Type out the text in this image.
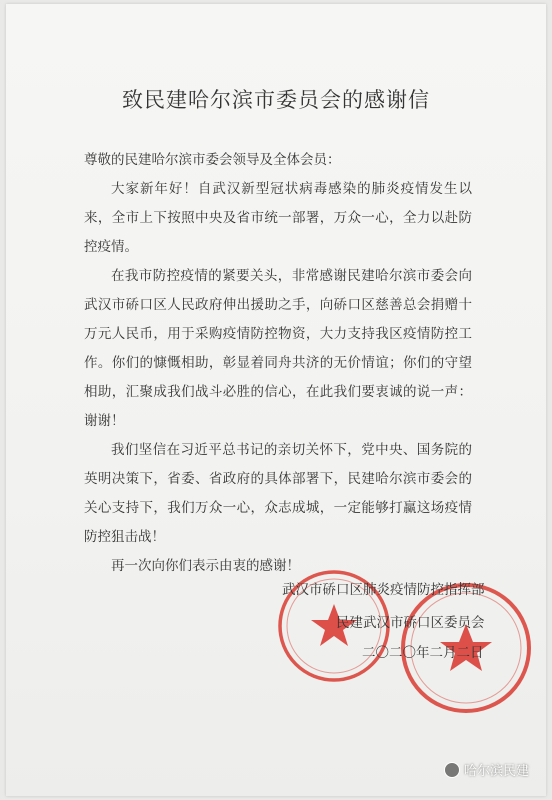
致民建哈尔滨市委员会的感谢信

尊敬的民建哈尔滨市委会领导及全体会员：

大家新年好！自武汉新型冠状病毒感染的肺炎疫情发生以来，全市上下按照中央及省市统一部署，万众一心，全力以赴防控疫情。

在我市防控疫情的紧要关头，非常感谢民建哈尔滨市委会向武汉市硚口区人民政府伸出援助之手，向硚口区慈善总会捐赠十万元人民币，用于采购疫情防控物资，大力支持我区疫情防控工作。你们的慷慨相助，彰显着同舟共济的无价情谊；你们的守望相助，汇聚成我们战斗必胜的信心，在此我们要衷诚的说一声：谢谢！

我们坚信在习近平总书记的亲切关怀下，党中央、国务院的英明决策下，省委、省政府的具体部署下，民建哈尔滨市委会的关心支持下，我们万众一心，众志成城，一定能够打赢这场疫情防控狙击战！

再一次向你们表示由衷的感谢！

武汉市硚口区肺炎疫情防控指挥部
民建武汉市硚口区委员会
二〇二〇年二月二日
哈尔滨民建
